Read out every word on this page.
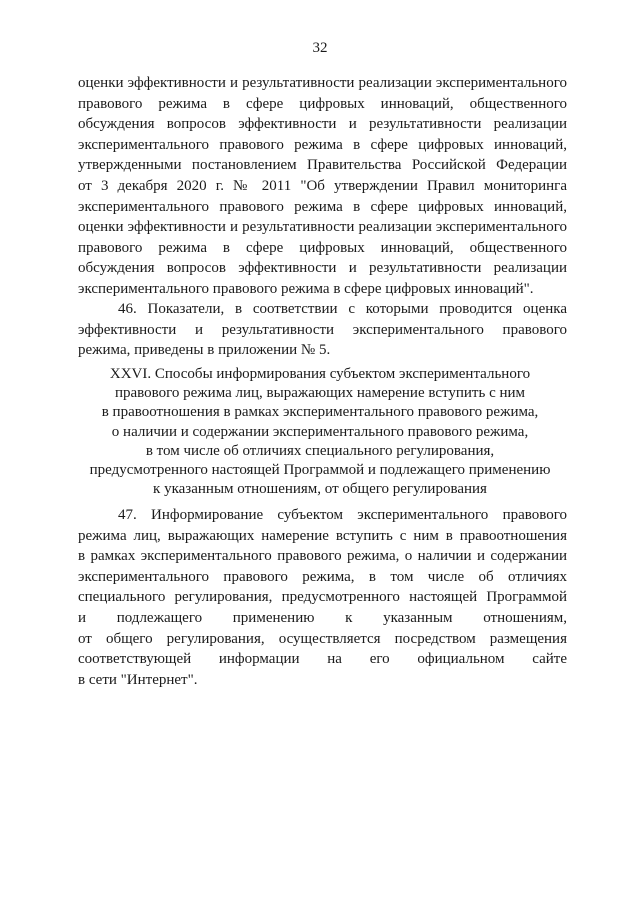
32
оценки эффективности и результативности реализации экспериментального
правового режима в сфере цифровых инноваций, общественного
обсуждения вопросов эффективности и результативности реализации
экспериментального правового режима в сфере цифровых инноваций,
утвержденными постановлением Правительства Российской Федерации
от 3 декабря 2020 г. № 2011 "Об утверждении Правил мониторинга
экспериментального правового режима в сфере цифровых инноваций,
оценки эффективности и результативности реализации экспериментального
правового режима в сфере цифровых инноваций, общественного
обсуждения вопросов эффективности и результативности реализации
экспериментального правового режима в сфере цифровых инноваций".
46. Показатели, в соответствии с которыми проводится оценка
эффективности и результативности экспериментального правового
режима, приведены в приложении № 5.
XXVI. Способы информирования субъектом экспериментального
правового режима лиц, выражающих намерение вступить с ним
в правоотношения в рамках экспериментального правового режима,
о наличии и содержании экспериментального правового режима,
в том числе об отличиях специального регулирования,
предусмотренного настоящей Программой и подлежащего применению
к указанным отношениям, от общего регулирования
47. Информирование субъектом экспериментального правового
режима лиц, выражающих намерение вступить с ним в правоотношения
в рамках экспериментального правового режима, о наличии и содержании
экспериментального правового режима, в том числе об отличиях
специального регулирования, предусмотренного настоящей Программой
и подлежащего применению к указанным отношениям,
от общего регулирования, осуществляется посредством размещения
соответствующей информации на его официальном сайте
в сети "Интернет".
